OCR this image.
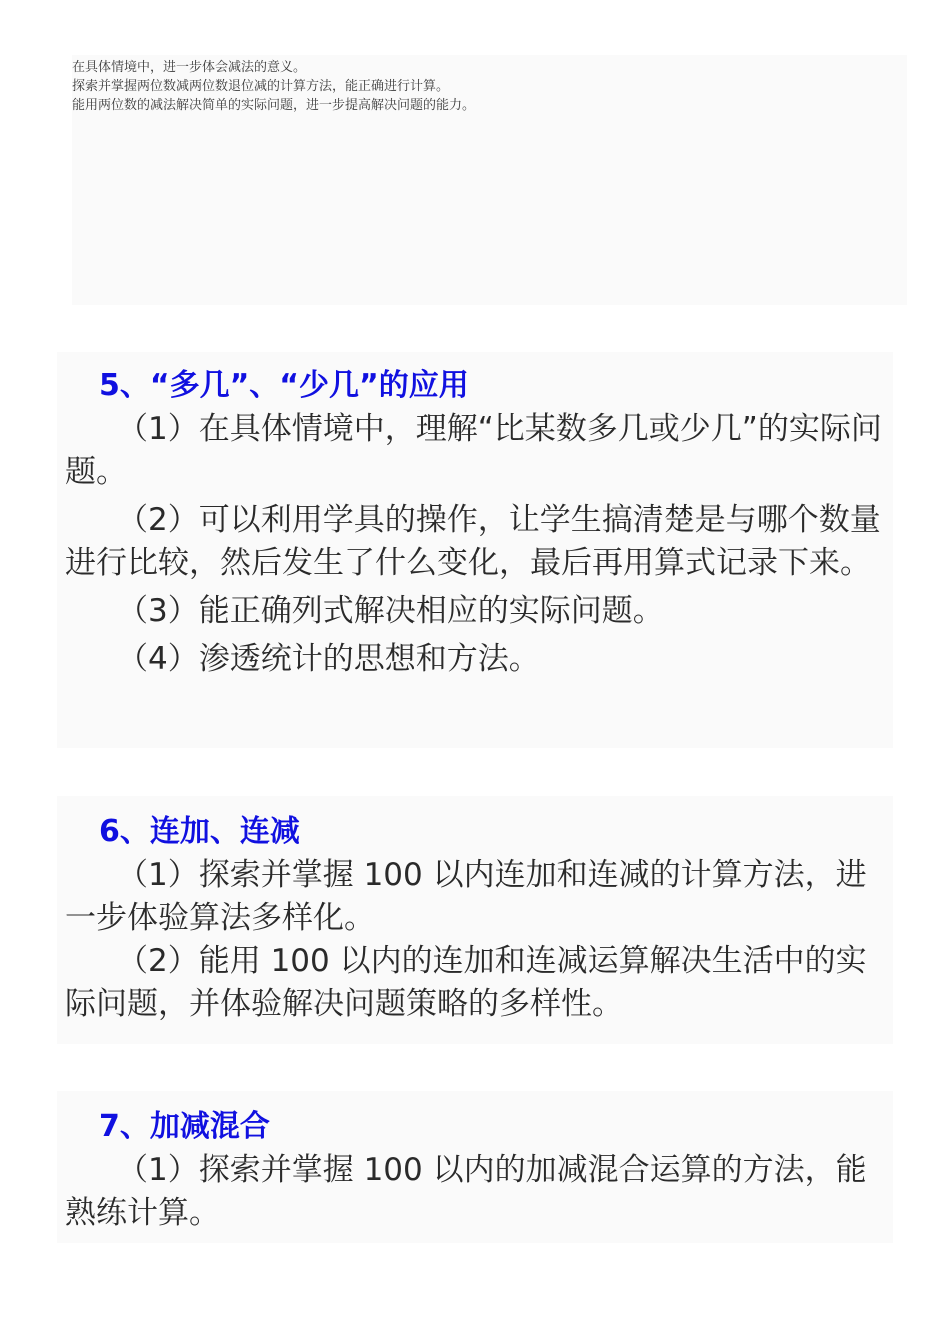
在具体情境中，进一步体会减法的意义。
探索并掌握两位数减两位数退位减的计算方法，能正确进行计算。
能用两位数的减法解决简单的实际问题，进一步提高解决问题的能力。
5、“多几”、“少几”的应用

（1）在具体情境中，理解“比某数多几或少几”的实际问题。

（2）可以利用学具的操作，让学生搞清楚是与哪个数量进行比较，然后发生了什么变化，最后再用算式记录下来。

（3）能正确列式解决相应的实际问题。

（4）渗透统计的思想和方法。

6、连加、连减

（1）探索并掌握 100 以内连加和连减的计算方法，进一步体验算法多样化。

（2）能用 100 以内的连加和连减运算解决生活中的实际问题，并体验解决问题策略的多样性。

7、加减混合

（1）探索并掌握 100 以内的加减混合运算的方法，能熟练计算。
